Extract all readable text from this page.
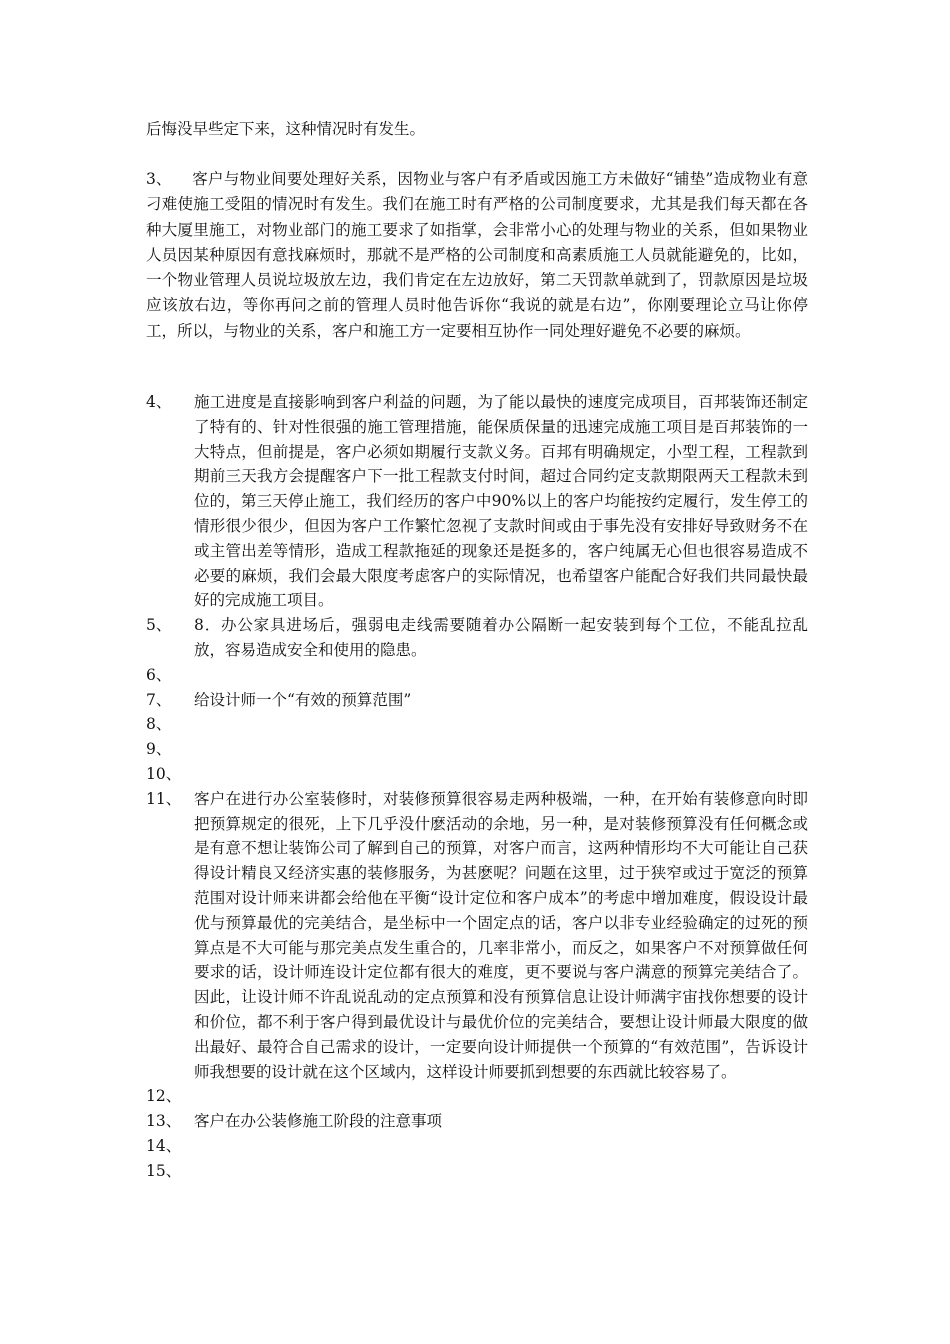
后悔没早些定下来，这种情况时有发生。

3、 客户与物业间要处理好关系，因物业与客户有矛盾或因施工方未做好“铺垫”造成物业有意刁难使施工受阻的情况时有发生。我们在施工时有严格的公司制度要求，尤其是我们每天都在各种大厦里施工，对物业部门的施工要求了如指掌，会非常小心的处理与物业的关系，但如果物业人员因某种原因有意找麻烦时，那就不是严格的公司制度和高素质施工人员就能避免的，比如，一个物业管理人员说垃圾放左边，我们肯定在左边放好，第二天罚款单就到了，罚款原因是垃圾应该放右边，等你再问之前的管理人员时他告诉你“我说的就是右边”，你刚要理论立马让你停工，所以，与物业的关系，客户和施工方一定要相互协作一同处理好避免不必要的麻烦。

4、	施工进度是直接影响到客户利益的问题，为了能以最快的速度完成项目，百邦装饰还制定了特有的、针对性很强的施工管理措施，能保质保量的迅速完成施工项目是百邦装饰的一大特点，但前提是，客户必须如期履行支款义务。百邦有明确规定，小型工程，工程款到期前三天我方会提醒客户下一批工程款支付时间，超过合同约定支款期限两天工程款未到位的，第三天停止施工，我们经历的客户中90%以上的客户均能按约定履行，发生停工的情形很少很少，但因为客户工作繁忙忽视了支款时间或由于事先没有安排好导致财务不在或主管出差等情形，造成工程款拖延的现象还是挺多的，客户纯属无心但也很容易造成不必要的麻烦，我们会最大限度考虑客户的实际情况，也希望客户能配合好我们共同最快最好的完成施工项目。
5、	8．办公家具进场后，强弱电走线需要随着办公隔断一起安装到每个工位，不能乱拉乱放，容易造成安全和使用的隐患。
6、
7、	给设计师一个“有效的预算范围”
8、
9、
10、
11、 客户在进行办公室装修时，对装修预算很容易走两种极端，一种，在开始有装修意向时即把预算规定的很死，上下几乎没什麽活动的余地，另一种，是对装修预算没有任何概念或是有意不想让装饰公司了解到自己的预算，对客户而言，这两种情形均不大可能让自己获得设计精良又经济实惠的装修服务，为甚麽呢？问题在这里，过于狭窄或过于宽泛的预算范围对设计师来讲都会给他在平衡“设计定位和客户成本”的考虑中增加难度，假设设计最优与预算最优的完美结合，是坐标中一个固定点的话，客户以非专业经验确定的过死的预算点是不大可能与那完美点发生重合的，几率非常小，而反之，如果客户不对预算做任何要求的话，设计师连设计定位都有很大的难度，更不要说与客户满意的预算完美结合了。因此，让设计师不许乱说乱动的定点预算和没有预算信息让设计师满宇宙找你想要的设计和价位，都不利于客户得到最优设计与最优价位的完美结合，要想让设计师最大限度的做出最好、最符合自己需求的设计，一定要向设计师提供一个预算的“有效范围”，告诉设计师我想要的设计就在这个区域内，这样设计师要抓到想要的东西就比较容易了。
12、
13、 客户在办公装修施工阶段的注意事项
14、
15、
